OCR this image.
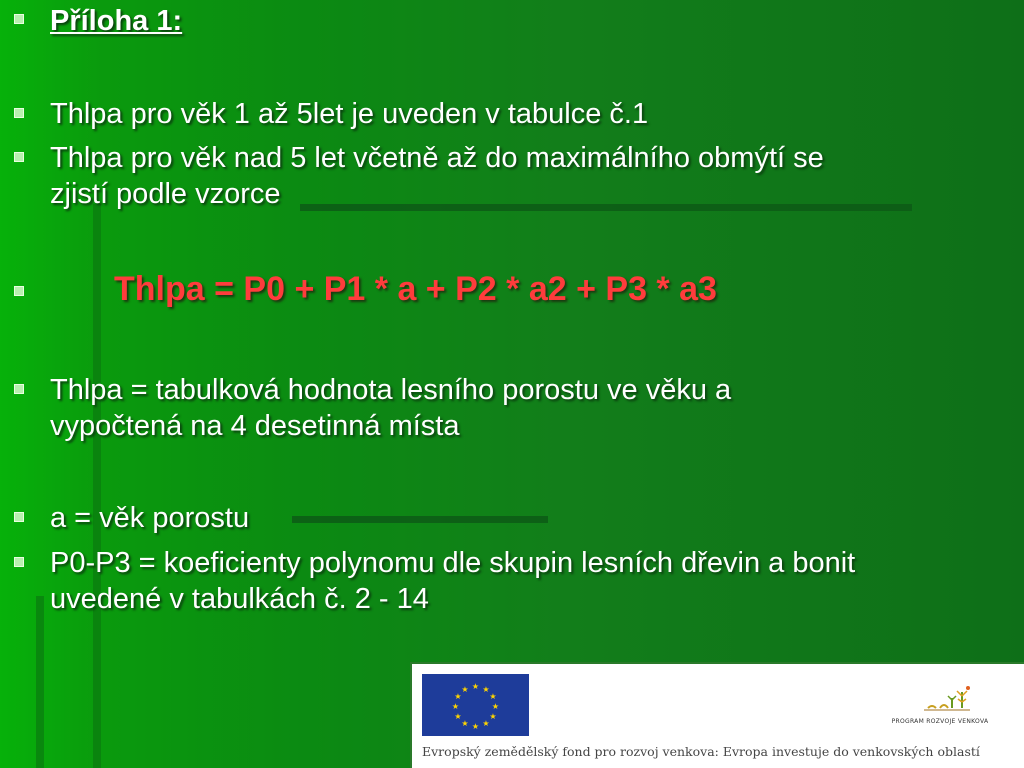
Příloha 1:
Thlpa pro věk 1 až 5let je uveden v tabulce č.1
Thlpa pro věk nad 5 let včetně až do maximálního obmýtí se
zjistí podle vzorce
Thlpa = P0 + P1 * a + P2 * a2 + P3 * a3
Thlpa = tabulková hodnota lesního porostu ve věku a
vypočtená na 4 desetinná místa
a = věk porostu
P0-P3 = koeficienty polynomu dle skupin lesních dřevin a bonit
uvedené v tabulkách č. 2 - 14
★ ★
★
★
★
★
★
★
★
★
★
★
PROGRAM ROZVOJE VENKOVA
Evropský zemědělský fond pro rozvoj venkova: Evropa investuje do venkovských oblastí
